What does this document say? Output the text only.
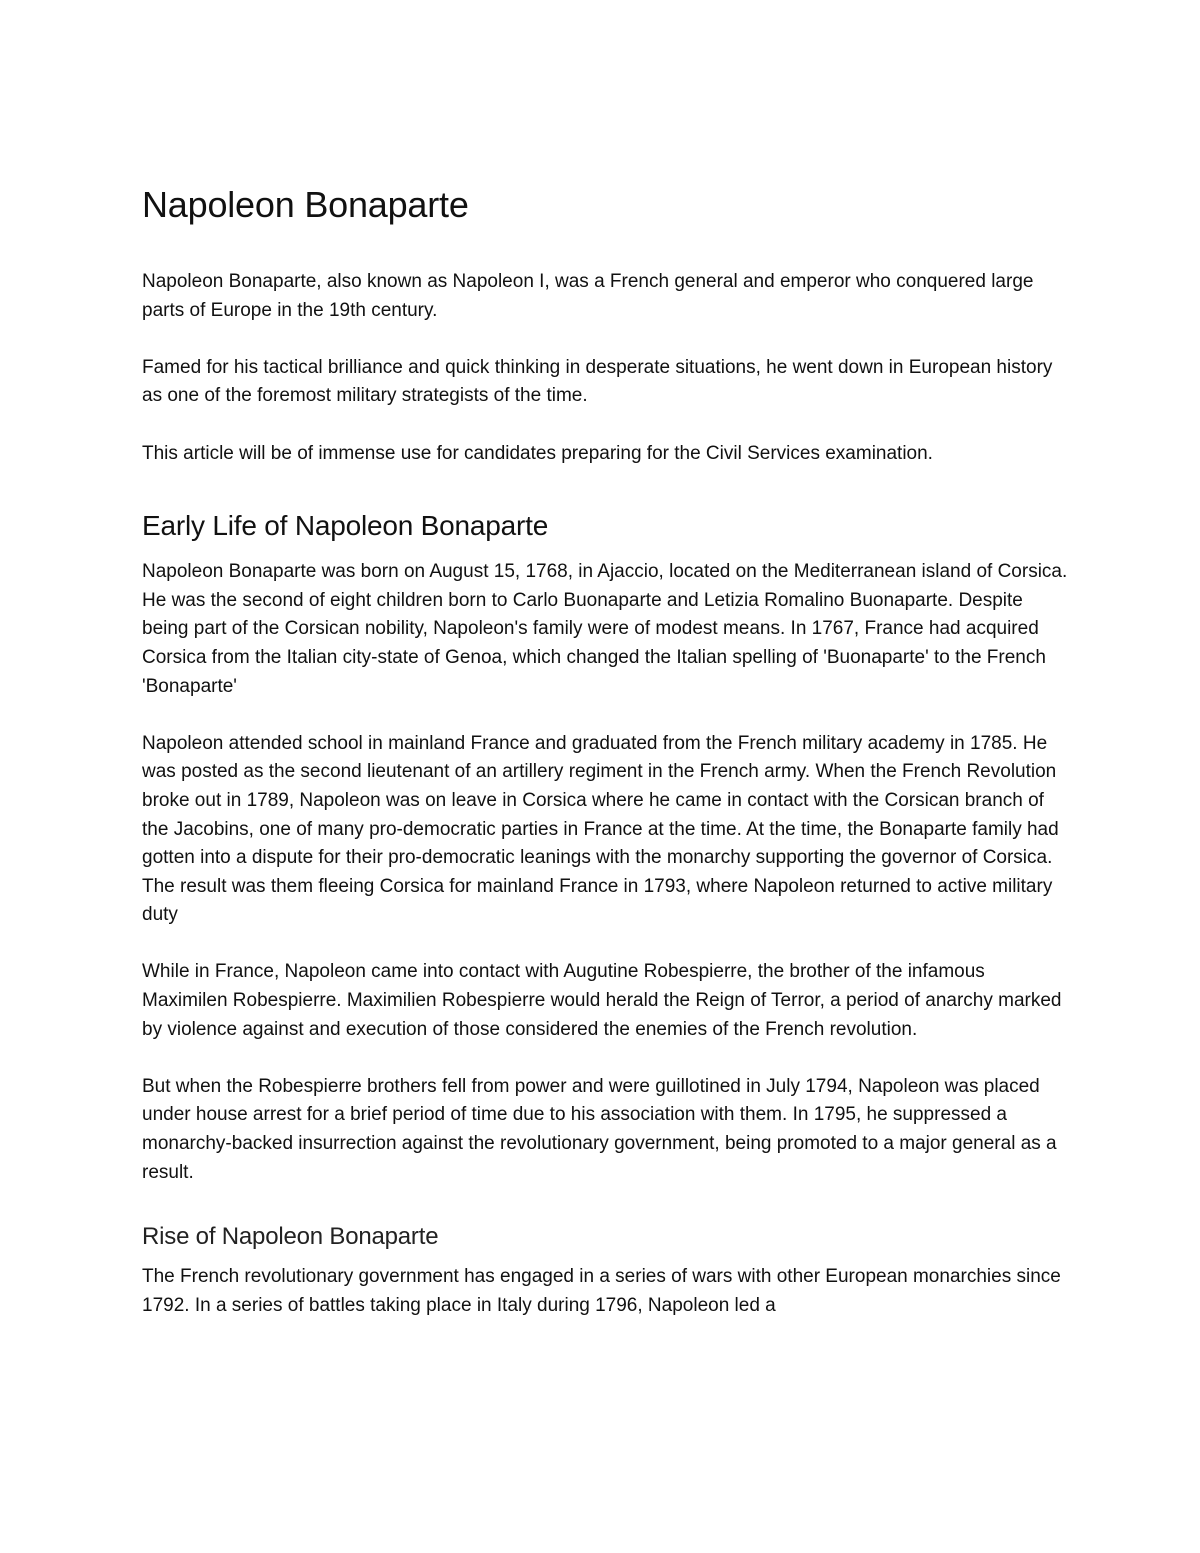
Napoleon Bonaparte

Napoleon Bonaparte, also known as Napoleon I, was a French general and emperor who conquered large parts of Europe in the 19th century.

Famed for his tactical brilliance and quick thinking in desperate situations, he went down in European history as one of the foremost military strategists of the time.

This article will be of immense use for candidates preparing for the Civil Services examination.

Early Life of Napoleon Bonaparte

Napoleon Bonaparte was born on August 15, 1768, in Ajaccio, located on the Mediterranean island of Corsica. He was the second of eight children born to Carlo Buonaparte and Letizia Romalino Buonaparte. Despite being part of the Corsican nobility, Napoleon's family were of modest means. In 1767, France had acquired Corsica from the Italian city-state of Genoa, which changed the Italian spelling of 'Buonaparte' to the French 'Bonaparte'

Napoleon attended school in mainland France and graduated from the French military academy in 1785. He was posted as the second lieutenant of an artillery regiment in the French army. When the French Revolution broke out in 1789, Napoleon was on leave in Corsica where he came in contact with the Corsican branch of the Jacobins, one of many pro-democratic parties in France at the time. At the time, the Bonaparte family had gotten into a dispute for their pro-democratic leanings with the monarchy supporting the governor of Corsica. The result was them fleeing Corsica for mainland France in 1793, where Napoleon returned to active military duty

While in France, Napoleon came into contact with Augutine Robespierre, the brother of the infamous Maximilen Robespierre. Maximilien Robespierre would herald the Reign of Terror, a period of anarchy marked by violence against and execution of those considered the enemies of the French revolution.

But when the Robespierre brothers fell from power and were guillotined in July 1794, Napoleon was placed under house arrest for a brief period of time due to his association with them. In 1795, he suppressed a monarchy-backed insurrection against the revolutionary government, being promoted to a major general as a result.

Rise of Napoleon Bonaparte

The French revolutionary government has engaged in a series of wars with other European monarchies since 1792. In a series of battles taking place in Italy during 1796, Napoleon led a
